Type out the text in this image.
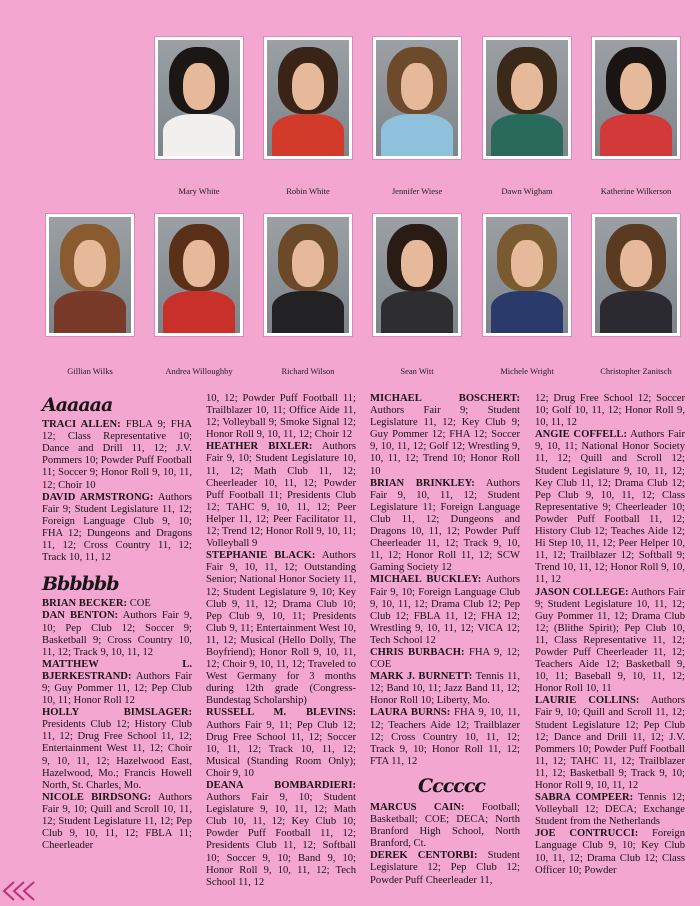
Mary White	Robin White	Jennifer Wiese	Dawn Wigham	Katherine Wilkerson
Gillian Wilks	Andrea Willoughby	Richard Wilson	Sean Witt	Michele Wright	Christopher Zanitsch
Aaaaaa

TRACI ALLEN: FBLA 9; FHA 12; Class Representative 10; Dance and Drill 11, 12; J.V. Pommers 10; Powder Puff Football 11; Soccer 9; Honor Roll 9, 10, 11, 12; Choir 10

DAVID ARMSTRONG: Authors Fair 9; Student Legislature 11, 12; Foreign Language Club 9, 10; FHA 12; Dungeons and Dragons 11, 12; Cross Country 11, 12; Track 10, 11, 12

Bbbbbb

BRIAN BECKER: COE

DAN BENTON: Authors Fair 9, 10; Pep Club 12; Soccer 9; Basketball 9; Cross Country 10, 11, 12; Track 9, 10, 11, 12

MATTHEW L. BJERKESTRAND: Authors Fair 9; Guy Pommer 11, 12; Pep Club 10, 11; Honor Roll 12

HOLLY BIMSLAGER: Presidents Club 12; History Club 11, 12; Drug Free School 11, 12; Entertainment West 11, 12; Choir 9, 10, 11, 12; Hazelwood East, Hazelwood, Mo.; Francis Howell North, St. Charles, Mo.

NICOLE BIRDSONG: Authors Fair 9, 10; Quill and Scroll 10, 11, 12; Student Legislature 11, 12; Pep Club 9, 10, 11, 12; FBLA 11; Cheerleader

10, 12; Powder Puff Football 11; Trailblazer 10, 11; Office Aide 11, 12; Volleyball 9; Smoke Signal 12; Honor Roll 9, 10, 11, 12; Choir 12

HEATHER BIXLER: Authors Fair 9, 10; Student Legislature 10, 11, 12; Math Club 11, 12; Cheerleader 10, 11, 12; Powder Puff Football 11; Presidents Club 12; TAHC 9, 10, 11, 12; Peer Helper 11, 12; Peer Facilitator 11, 12; Trend 12; Honor Roll 9, 10, 11; Volleyball 9

STEPHANIE BLACK: Authors Fair 9, 10, 11, 12; Outstanding Senior; National Honor Society 11, 12; Student Legislature 9, 10; Key Club 9, 11, 12; Drama Club 10; Pep Club 9, 10, 11; Presidents Club 9, 11; Entertainment West 10, 11, 12; Musical (Hello Dolly, The Boyfriend); Honor Roll 9, 10, 11, 12; Choir 9, 10, 11, 12; Traveled to West Germany for 3 months during 12th grade (Congress-Bundestag Scholarship)

RUSSELL M. BLEVINS: Authors Fair 9, 11; Pep Club 12; Drug Free School 11, 12; Soccer 10, 11, 12; Track 10, 11, 12; Musical (Standing Room Only); Choir 9, 10

DEANA BOMBARDIERI: Authors Fair 9, 10; Student Legislature 9, 10, 11, 12; Math Club 10, 11, 12; Key Club 10; Powder Puff Football 11, 12; Presidents Club 11, 12; Softball 10; Soccer 9, 10; Band 9, 10; Honor Roll 9, 10, 11, 12; Tech School 11, 12

MICHAEL BOSCHERT: Authors Fair 9; Student Legislature 11, 12; Key Club 9; Guy Pommer 12; FHA 12; Soccer 9, 10, 11, 12; Golf 12; Wrestling 9, 10, 11, 12; Trend 10; Honor Roll 10

BRIAN BRINKLEY: Authors Fair 9, 10, 11, 12; Student Legislature 11; Foreign Language Club 11, 12; Dungeons and Dragons 10, 11, 12; Powder Puff Cheerleader 11, 12; Track 9, 10, 11, 12; Honor Roll 11, 12; SCW Gaming Society 12

MICHAEL BUCKLEY: Authors Fair 9, 10; Foreign Language Club 9, 10, 11, 12; Drama Club 12; Pep Club 12; FBLA 11, 12; FHA 12; Wrestling 9, 10, 11, 12; VICA 12; Tech School 12

CHRIS BURBACH: FHA 9, 12; COE

MARK J. BURNETT: Tennis 11, 12; Band 10, 11; Jazz Band 11, 12; Honor Roll 10; Liberty, Mo.

LAURA BURNS: FHA 9, 10, 11, 12; Teachers Aide 12; Trailblazer 12; Cross Country 10, 11, 12; Track 9, 10; Honor Roll 11, 12; FTA 11, 12

Cccccc

MARCUS CAIN: Football; Basketball; COE; DECA; North Branford High School, North Branford, Ct.

DEREK CENTORBI: Student Legislature 12; Pep Club 12; Powder Puff Cheerleader 11,

12; Drug Free School 12; Soccer 10; Golf 10, 11, 12; Honor Roll 9, 10, 11, 12

ANGIE COFFELL: Authors Fair 9, 10, 11; National Honor Society 11, 12; Quill and Scroll 12; Student Legislature 9, 10, 11, 12; Key Club 11, 12; Drama Club 12; Pep Club 9, 10, 11, 12; Class Representative 9; Cheerleader 10; Powder Puff Football 11, 12; History Club 12; Teaches Aide 12; Hi Step 10, 11, 12; Peer Helper 10, 11, 12; Trailblazer 12; Softball 9; Trend 10, 11, 12; Honor Roll 9, 10, 11, 12

JASON COLLEGE: Authors Fair 9; Student Legislature 10, 11, 12; Guy Pommer 11, 12; Drama Club 12; (Blithe Spirit); Pep Club 10, 11, Class Representative 11, 12; Powder Puff Cheerleader 11, 12; Teachers Aide 12; Basketball 9, 10, 11; Baseball 9, 10, 11, 12; Honor Roll 10, 11

LAURIE COLLINS: Authors Fair 9, 10; Quill and Scroll 11, 12; Student Legislature 12; Pep Club 12; Dance and Drill 11, 12; J.V. Pommers 10; Powder Puff Football 11, 12; TAHC 11, 12; Trailblazer 11, 12; Basketball 9; Track 9, 10; Honor Roll 9, 10, 11, 12

SABRA COMPEER: Tennis 12; Volleyball 12; DECA; Exchange Student from the Netherlands

JOE CONTRUCCI: Foreign Language Club 9, 10; Key Club 10, 11, 12; Drama Club 12; Class Officer 10; Powder
